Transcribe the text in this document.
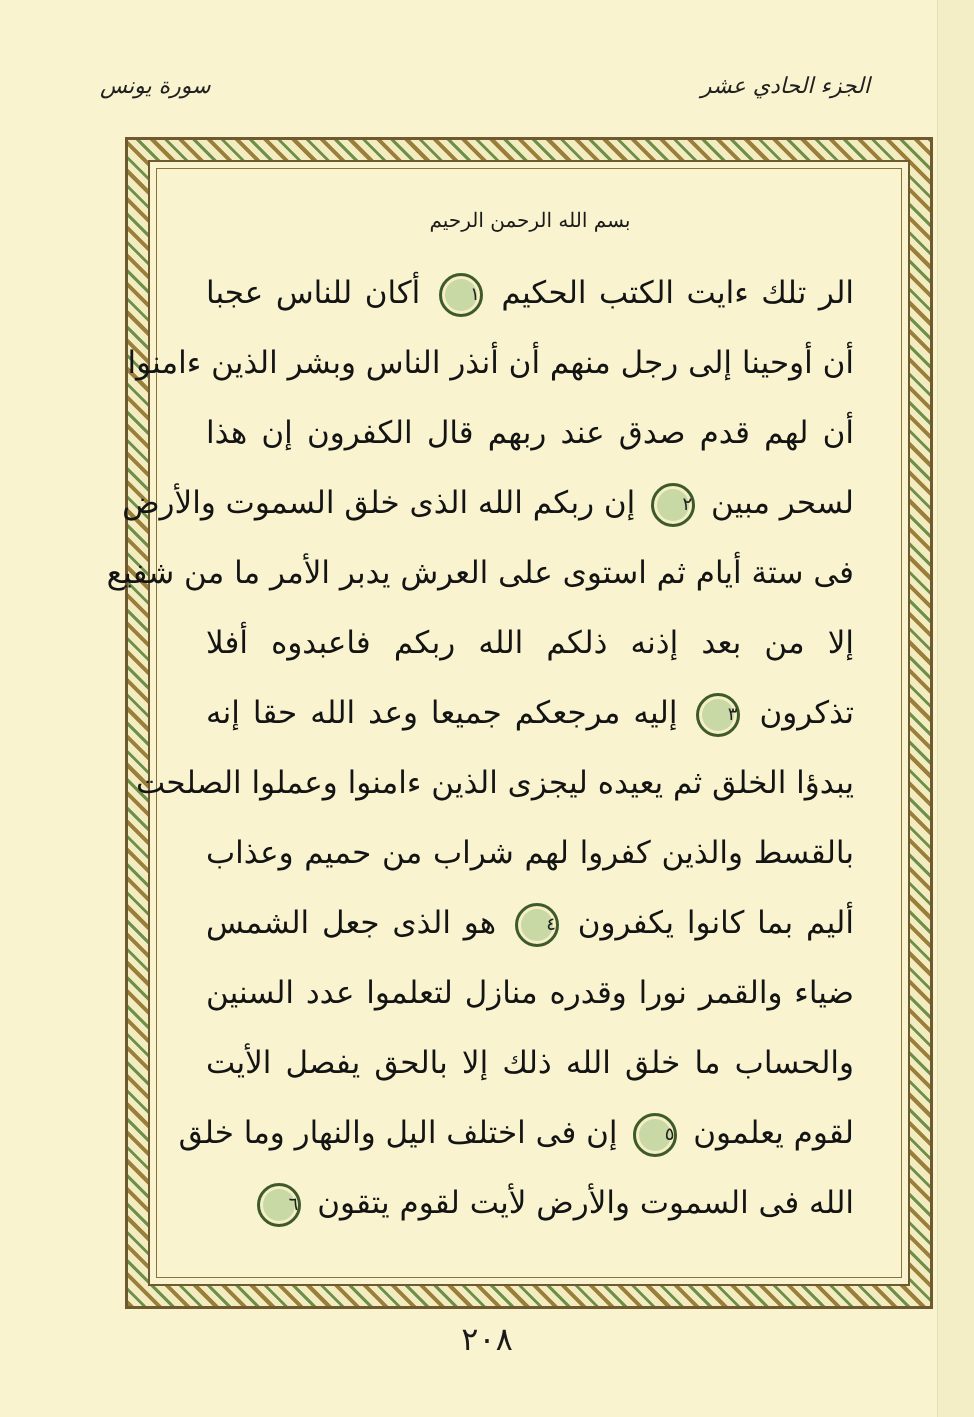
الجزء الحادي عشر
سورة يونس
بسم الله الرحمن الرحيم
الر تلك ءايت الكتب الحكيم ١ أكان للناس عجبا
أن أوحينا إلى رجل منهم أن أنذر الناس وبشر الذين ءامنوا
أن لهم قدم صدق عند ربهم قال الكفرون إن هذا
لسحر مبين ٢ إن ربكم الله الذى خلق السموت والأرض
فى ستة أيام ثم استوى على العرش يدبر الأمر ما من شفيع
إلا من بعد إذنه ذلكم الله ربكم فاعبدوه أفلا
تذكرون ٣ إليه مرجعكم جميعا وعد الله حقا إنه
يبدؤا الخلق ثم يعيده ليجزى الذين ءامنوا وعملوا الصلحت
بالقسط والذين كفروا لهم شراب من حميم وعذاب
أليم بما كانوا يكفرون ٤ هو الذى جعل الشمس
ضياء والقمر نورا وقدره منازل لتعلموا عدد السنين
والحساب ما خلق الله ذلك إلا بالحق يفصل الأيت
لقوم يعلمون ٥ إن فى اختلف اليل والنهار وما خلق
الله فى السموت والأرض لأيت لقوم يتقون ٦
٢٠٨
